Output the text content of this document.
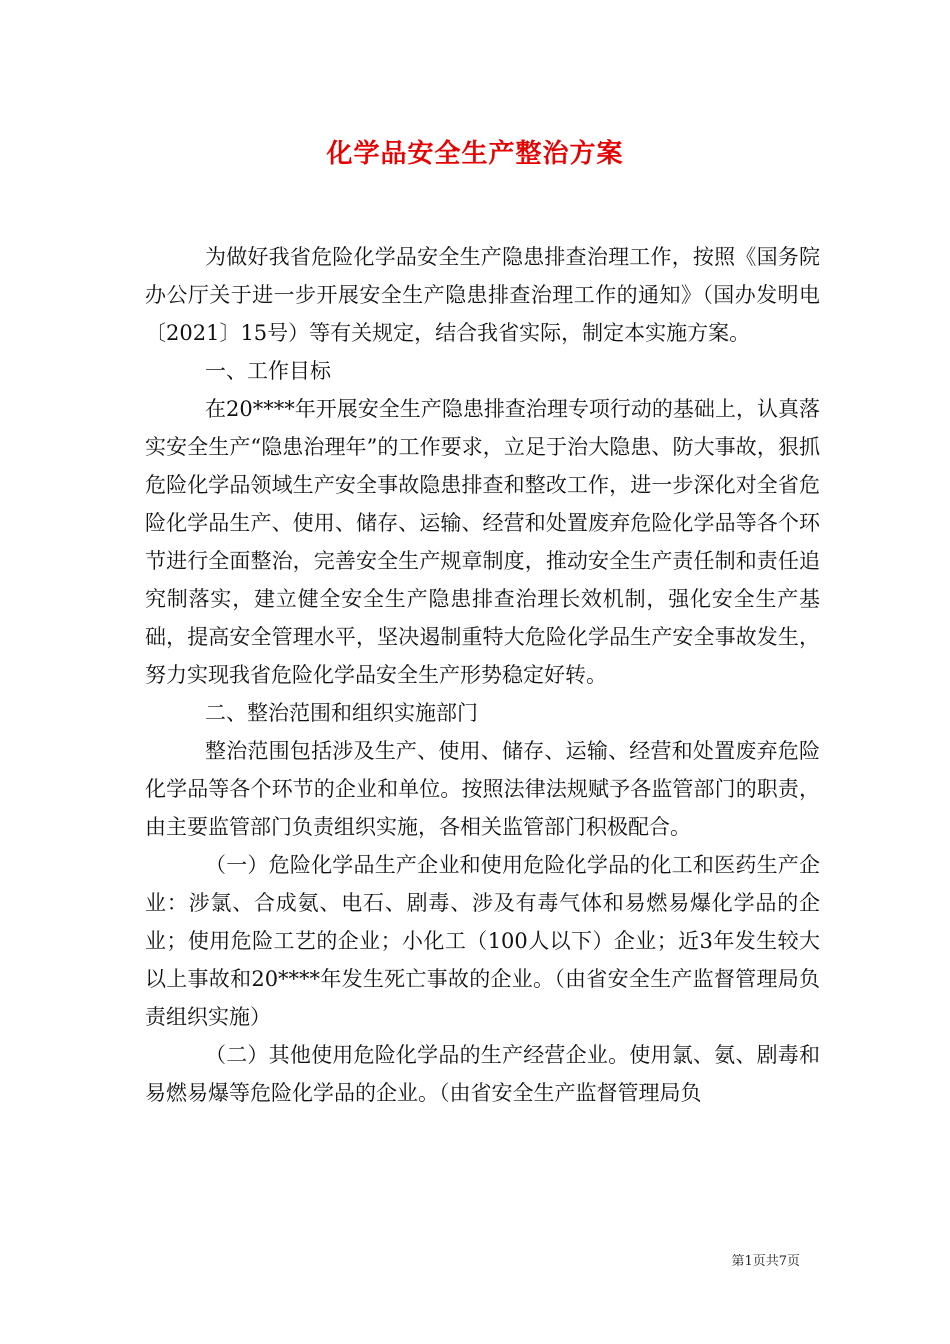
化学品安全生产整治方案

为做好我省危险化学品安全生产隐患排查治理工作，按照《国务院办公厅关于进一步开展安全生产隐患排查治理工作的通知》（国办发明电〔2021〕15号）等有关规定，结合我省实际，制定本实施方案。

一、工作目标

在20****年开展安全生产隐患排查治理专项行动的基础上，认真落实安全生产“隐患治理年”的工作要求，立足于治大隐患、防大事故，狠抓危险化学品领域生产安全事故隐患排查和整改工作，进一步深化对全省危险化学品生产、使用、储存、运输、经营和处置废弃危险化学品等各个环节进行全面整治，完善安全生产规章制度，推动安全生产责任制和责任追究制落实，建立健全安全生产隐患排查治理长效机制，强化安全生产基础，提高安全管理水平，坚决遏制重特大危险化学品生产安全事故发生，努力实现我省危险化学品安全生产形势稳定好转。

二、整治范围和组织实施部门

整治范围包括涉及生产、使用、储存、运输、经营和处置废弃危险化学品等各个环节的企业和单位。按照法律法规赋予各监管部门的职责，由主要监管部门负责组织实施，各相关监管部门积极配合。

（一）危险化学品生产企业和使用危险化学品的化工和医药生产企业：涉氯、合成氨、电石、剧毒、涉及有毒气体和易燃易爆化学品的企业；使用危险工艺的企业；小化工（100人以下）企业；近3年发生较大以上事故和20****年发生死亡事故的企业。（由省安全生产监督管理局负责组织实施）

（二）其他使用危险化学品的生产经营企业。使用氯、氨、剧毒和易燃易爆等危险化学品的企业。（由省安全生产监督管理局负

第1页共7页
